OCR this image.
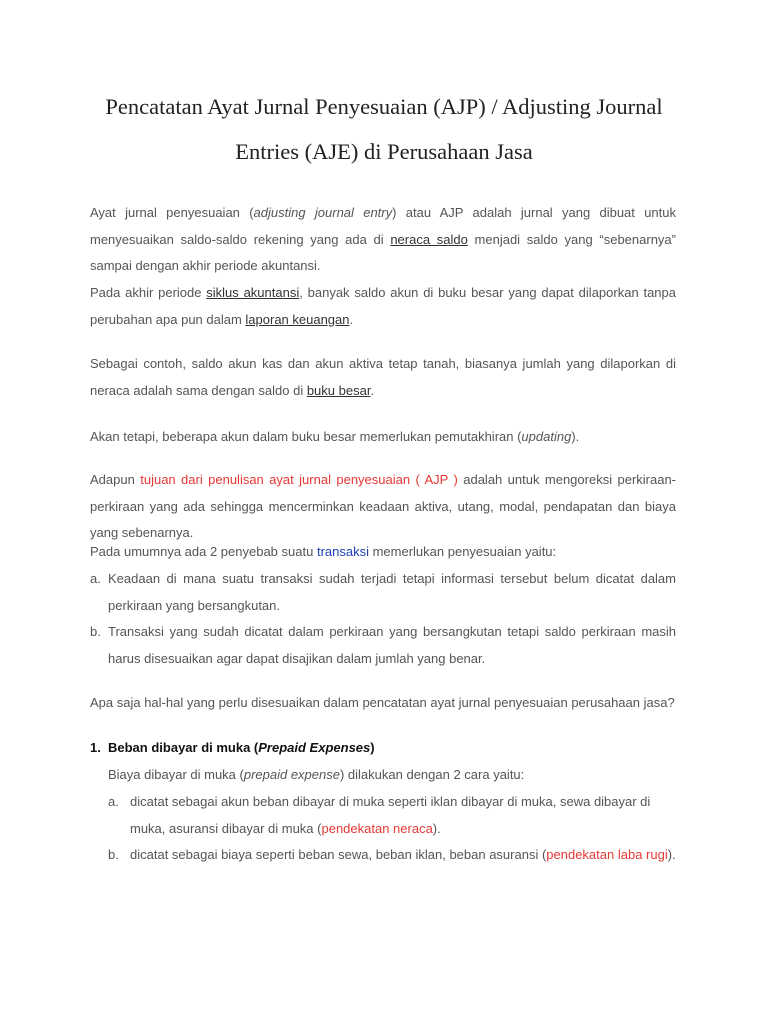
Pencatatan Ayat Jurnal Penyesuaian (AJP) / Adjusting Journal
Entries (AJE) di Perusahaan Jasa

Ayat jurnal penyesuaian (adjusting journal entry) atau AJP adalah jurnal yang dibuat untuk menyesuaikan saldo-saldo rekening yang ada di neraca saldo menjadi saldo yang “sebenarnya” sampai dengan akhir periode akuntansi.

Pada akhir periode siklus akuntansi, banyak saldo akun di buku besar yang dapat dilaporkan tanpa perubahan apa pun dalam laporan keuangan.

Sebagai contoh, saldo akun kas dan akun aktiva tetap tanah, biasanya jumlah yang dilaporkan di neraca adalah sama dengan saldo di buku besar.

Akan tetapi, beberapa akun dalam buku besar memerlukan pemutakhiran (updating).

Adapun tujuan dari penulisan ayat jurnal penyesuaian ( AJP ) adalah untuk mengoreksi perkiraan-perkiraan yang ada sehingga mencerminkan keadaan aktiva, utang, modal, pendapatan dan biaya yang sebenarnya.

Pada umumnya ada 2 penyebab suatu transaksi memerlukan penyesuaian yaitu:

a. Keadaan di mana suatu transaksi sudah terjadi tetapi informasi tersebut belum dicatat dalam perkiraan yang bersangkutan.

b. Transaksi yang sudah dicatat dalam perkiraan yang bersangkutan tetapi saldo perkiraan masih harus disesuaikan agar dapat disajikan dalam jumlah yang benar.

Apa saja hal-hal yang perlu disesuaikan dalam pencatatan ayat jurnal penyesuaian perusahaan jasa?

1. Beban dibayar di muka (Prepaid Expenses)

Biaya dibayar di muka (prepaid expense) dilakukan dengan 2 cara yaitu:

a. dicatat sebagai akun beban dibayar di muka seperti iklan dibayar di muka, sewa dibayar di muka, asuransi dibayar di muka (pendekatan neraca).

b. dicatat sebagai biaya seperti beban sewa, beban iklan, beban asuransi (pendekatan laba rugi).
